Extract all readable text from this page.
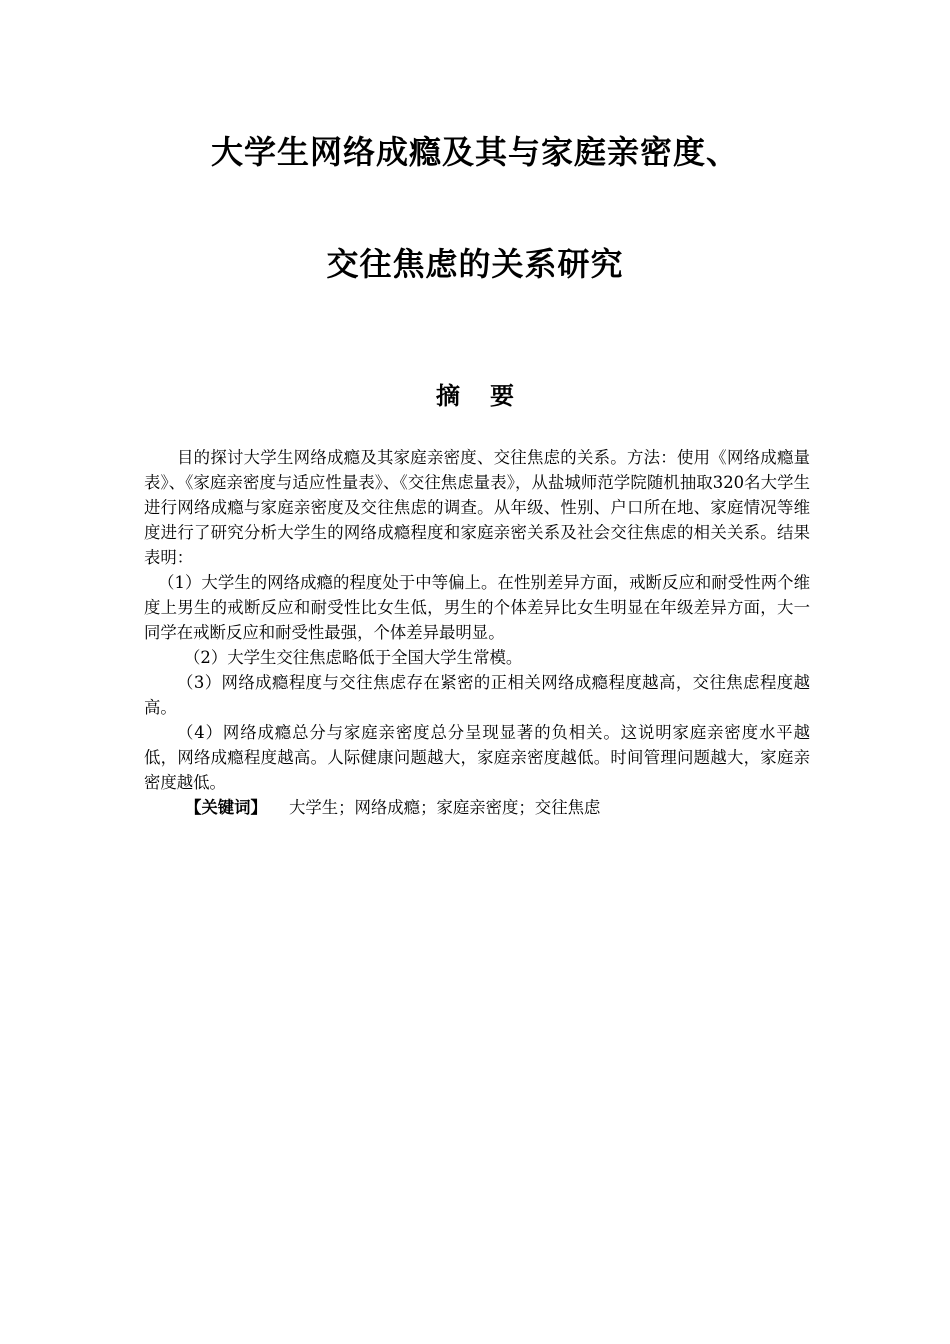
大学生网络成瘾及其与家庭亲密度、
交往焦虑的关系研究
摘要

目的探讨大学生网络成瘾及其家庭亲密度、交往焦虑的关系。方法：使用《网络成瘾量表》、《家庭亲密度与适应性量表》、《交往焦虑量表》，从盐城师范学院随机抽取320名大学生进行网络成瘾与家庭亲密度及交往焦虑的调查。从年级、性别、户口所在地、家庭情况等维度进行了研究分析大学生的网络成瘾程度和家庭亲密关系及社会交往焦虑的相关关系。结果表明：

（1）大学生的网络成瘾的程度处于中等偏上。在性别差异方面，戒断反应和耐受性两个维度上男生的戒断反应和耐受性比女生低，男生的个体差异比女生明显在年级差异方面，大一同学在戒断反应和耐受性最强，个体差异最明显。

（2）大学生交往焦虑略低于全国大学生常模。

（3）网络成瘾程度与交往焦虑存在紧密的正相关网络成瘾程度越高，交往焦虑程度越高。

（4）网络成瘾总分与家庭亲密度总分呈现显著的负相关。这说明家庭亲密度水平越低，网络成瘾程度越高。人际健康问题越大，家庭亲密度越低。时间管理问题越大，家庭亲密度越低。

【关键词】 大学生；网络成瘾；家庭亲密度；交往焦虑
